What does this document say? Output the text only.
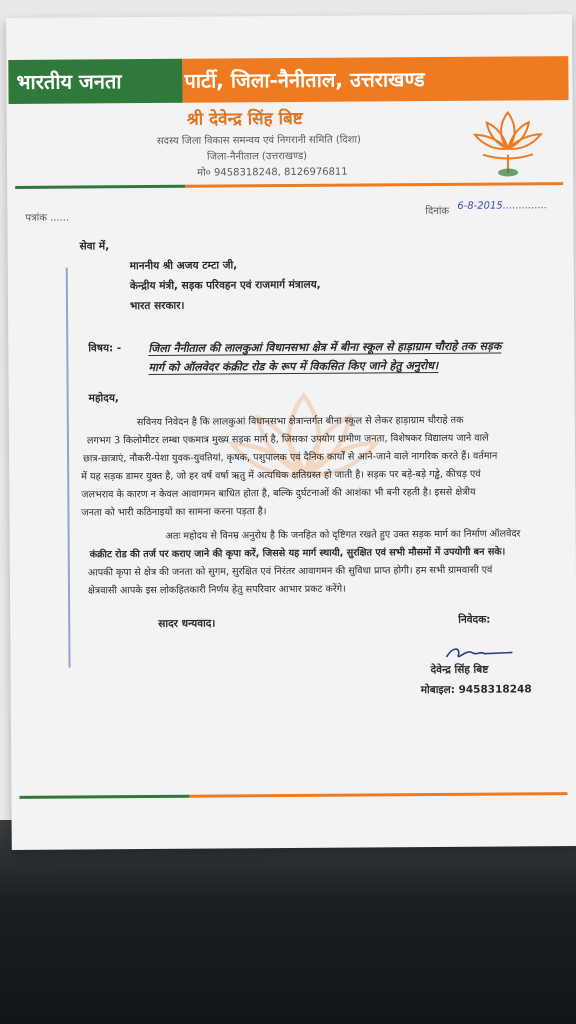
भारतीय जनता	पार्टी, जिला-नैनीताल, उत्तराखण्ड
श्री देवेन्द्र सिंह बिष्ट
सदस्य जिला विकास समन्वय एवं निगरानी समिति (दिशा)
जिला-नैनीताल (उत्तराखण्ड)
मो० 9458318248, 8126976811
पत्रांक ......
दिनांक 6-8-2015..............
सेवा में,
माननीय श्री अजय टम्टा जी,
केन्द्रीय मंत्री, सड़क परिवहन एवं राजमार्ग मंत्रालय,
भारत सरकार।
विषय: - जिला नैनीताल की लालकुआं विधानसभा क्षेत्र में बीना स्कूल से हाड़ाग्राम चौराहे तक सड़क
मार्ग को ऑलवेदर कंक्रीट रोड के रूप में विकसित किए जाने हेतु अनुरोध।
महोदय,
सविनय निवेदन है कि लालकुआं विधानसभा क्षेत्रान्तर्गत बीना स्कूल से लेकर हाड़ाग्राम चौराहे तक
लगभग 3 किलोमीटर लम्बा एकमात्र मुख्य सड़क मार्ग है, जिसका उपयोग ग्रामीण जनता, विशेषकर विद्यालय जाने वाले
छात्र-छात्राएं, नौकरी-पेशा युवक-युवतियां, कृषक, पशुपालक एवं दैनिक कार्यों से आने-जाने वाले नागरिक करते हैं। वर्तमान
में यह सड़क डामर युक्त है, जो हर वर्ष वर्षा ऋतु में अत्यधिक क्षतिग्रस्त हो जाती है। सड़क पर बड़े-बड़े गड्ढे, कीचड़ एवं
जलभराव के कारण न केवल आवागमन बाधित होता है, बल्कि दुर्घटनाओं की आशंका भी बनी रहती है। इससे क्षेत्रीय
जनता को भारी कठिनाइयों का सामना करना पड़ता है।
अतः महोदय से विनम्र अनुरोध है कि जनहित को दृष्टिगत रखते हुए उक्त सड़क मार्ग का निर्माण ऑलवेदर
कंक्रीट रोड की तर्ज पर कराए जाने की कृपा करें, जिससे यह मार्ग स्थायी, सुरक्षित एवं सभी मौसमों में उपयोगी बन सके।
आपकी कृपा से क्षेत्र की जनता को सुगम, सुरक्षित एवं निरंतर आवागमन की सुविधा प्राप्त होगी। हम सभी ग्रामवासी एवं
क्षेत्रवासी आपके इस लोकहितकारी निर्णय हेतु सपरिवार आभार प्रकट करेंगे।
सादर धन्यवाद।	निवेदक:
देवेन्द्र सिंह बिष्ट
मोबाइल: 9458318248
